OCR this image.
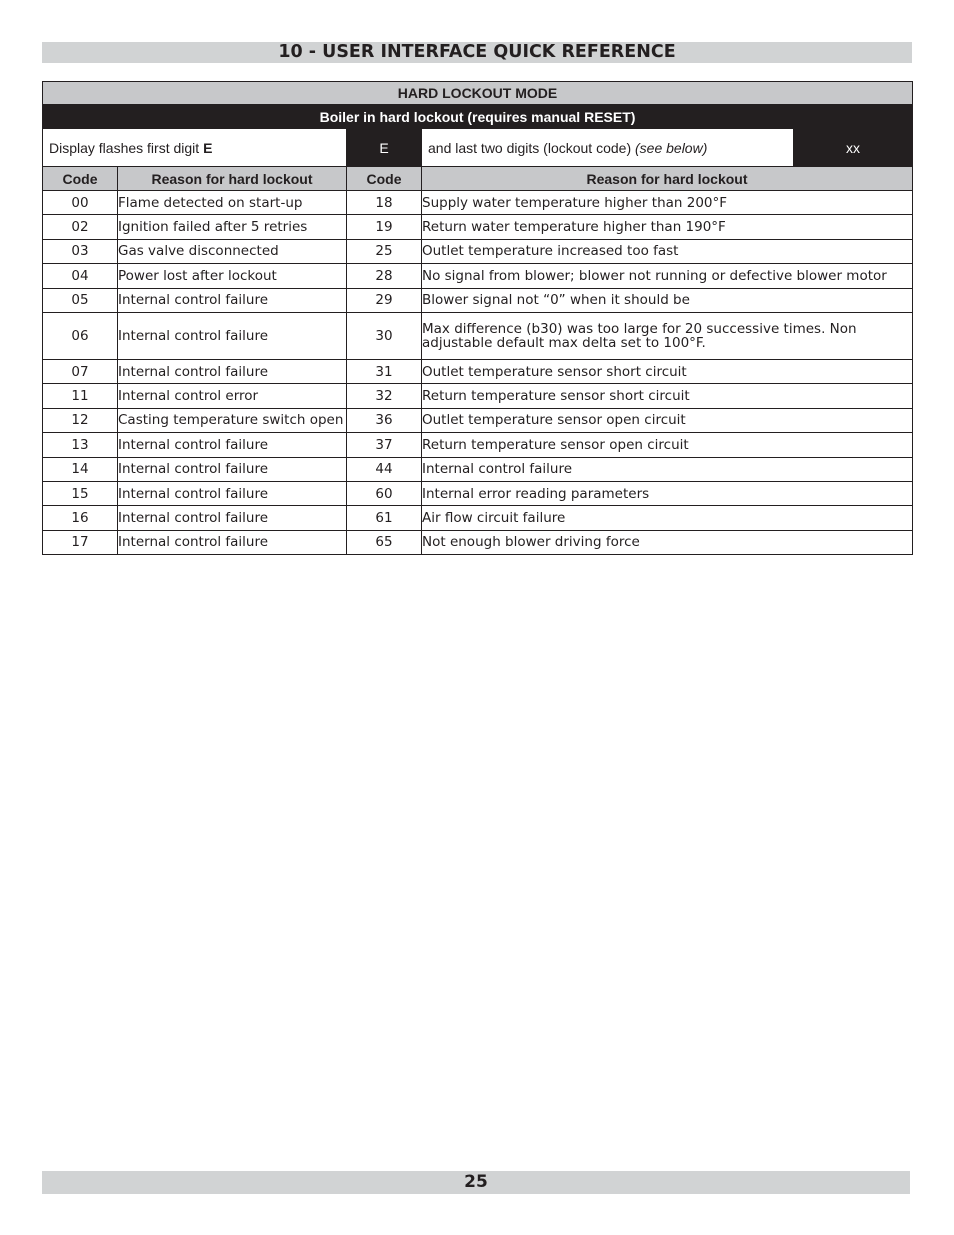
10 - USER INTERFACE QUICK REFERENCE
HARD LOCKOUT MODE				
Boiler in hard lockout (requires manual RESET)				
Display flashes first digit E		E	and last two digits (lockout code) (see below)	xx
Code	Reason for hard lockout	Code	Reason for hard lockout	
00	Flame detected on start-up	18	Supply water temperature higher than 200°F	
02	Ignition failed after 5 retries	19	Return water temperature higher than 190°F	
03	Gas valve disconnected	25	Outlet temperature increased too fast	
04	Power lost after lockout	28	No signal from blower; blower not running or defective blower motor	
05	Internal control failure	29	Blower signal not “0” when it should be	
06	Internal control failure	30	Max difference (b30) was too large for 20 successive times. Non adjustable default max delta set to 100°F.	
07	Internal control failure	31	Outlet temperature sensor short circuit	
11	Internal control error	32	Return temperature sensor short circuit	
12	Casting temperature switch open	36	Outlet temperature sensor open circuit	
13	Internal control failure	37	Return temperature sensor open circuit	
14	Internal control failure	44	Internal control failure	
15	Internal control failure	60	Internal error reading parameters	
16	Internal control failure	61	Air flow circuit failure	
17	Internal control failure	65	Not enough blower driving force	
25
